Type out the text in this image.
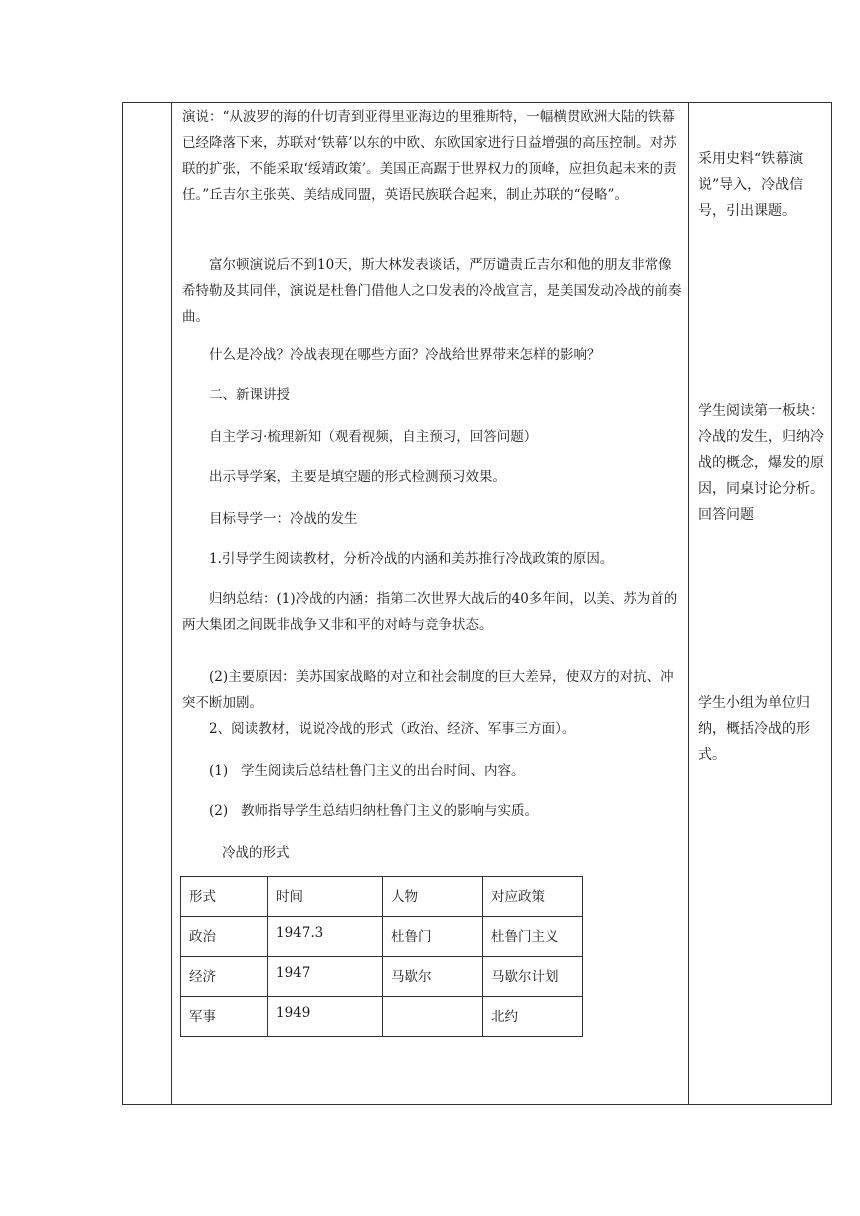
演说：“从波罗的海的什切青到亚得里亚海边的里雅斯特，一幅横贯欧洲大陆的铁幕已经降落下来，苏联对‘铁幕’以东的中欧、东欧国家进行日益增强的高压控制。对苏联的扩张，不能采取‘绥靖政策’。美国正高踞于世界权力的顶峰，应担负起未来的责任。”丘吉尔主张英、美结成同盟，英语民族联合起来，制止苏联的“侵略”。
富尔顿演说后不到10天，斯大林发表谈话，严厉谴责丘吉尔和他的朋友非常像希特勒及其同伴，演说是杜鲁门借他人之口发表的冷战宣言，是美国发动冷战的前奏曲。
什么是冷战？冷战表现在哪些方面？冷战给世界带来怎样的影响？
二、新课讲授
自主学习·梳理新知（观看视频，自主预习，回答问题）
出示导学案，主要是填空题的形式检测预习效果。
目标导学一：冷战的发生
1.引导学生阅读教材，分析冷战的内涵和美苏推行冷战政策的原因。
归纳总结：(1)冷战的内涵：指第二次世界大战后的40多年间，以美、苏为首的两大集团之间既非战争又非和平的对峙与竞争状态。
(2)主要原因：美苏国家战略的对立和社会制度的巨大差异，使双方的对抗、冲突不断加剧。
2、阅读教材，说说冷战的形式（政治、经济、军事三方面）。
(1) 学生阅读后总结杜鲁门主义的出台时间、内容。
(2) 教师指导学生总结归纳杜鲁门主义的影响与实质。
冷战的形式
形式	时间	人物	对应政策
政治	1947.3	杜鲁门	杜鲁门主义
经济	1947	马歇尔	马歇尔计划
军事	1949		北约
采用史料“铁幕演说”导入，冷战信号，引出课题。
学生阅读第一板块：冷战的发生，归纳冷战的概念，爆发的原因，同桌讨论分析。回答问题
学生小组为单位归纳，概括冷战的形式。
